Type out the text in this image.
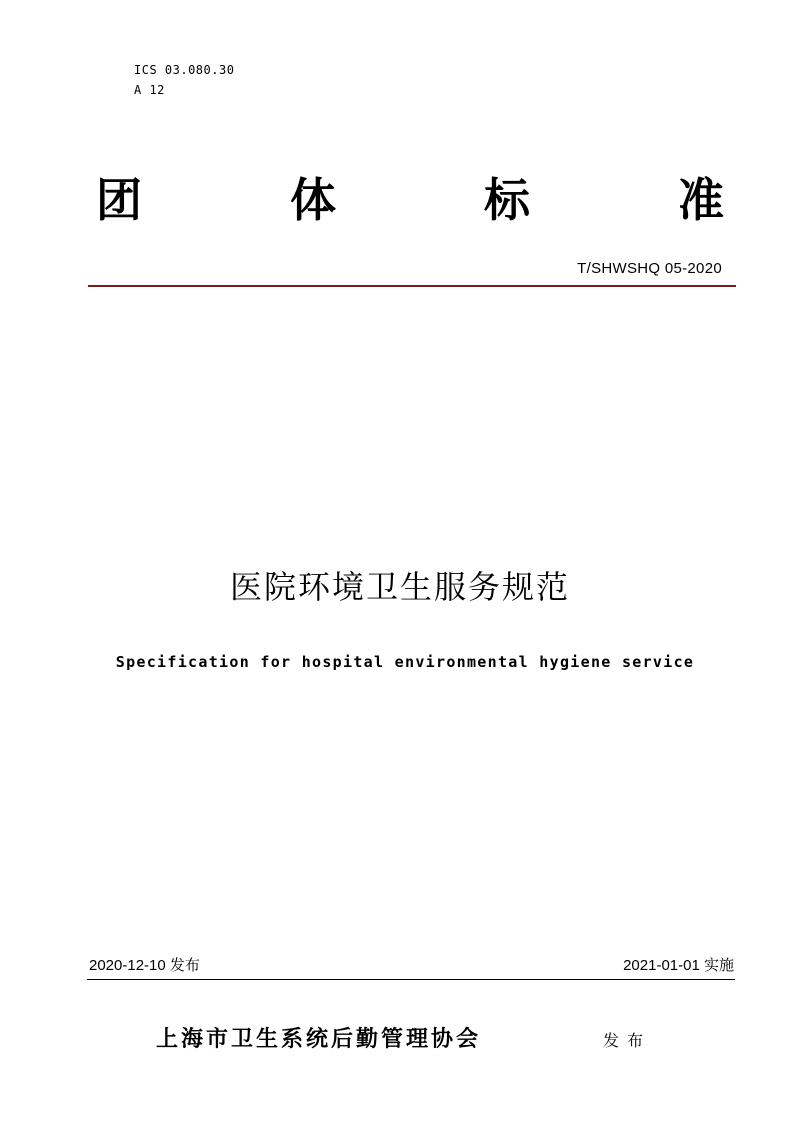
ICS 03.080.30
A 12
团	体	标	准
T/SHWSHQ 05-2020
医院环境卫生服务规范
Specification for hospital environmental hygiene service
2020-12-10 发布	2021-01-01 实施
上海市卫生系统后勤管理协会	发布
